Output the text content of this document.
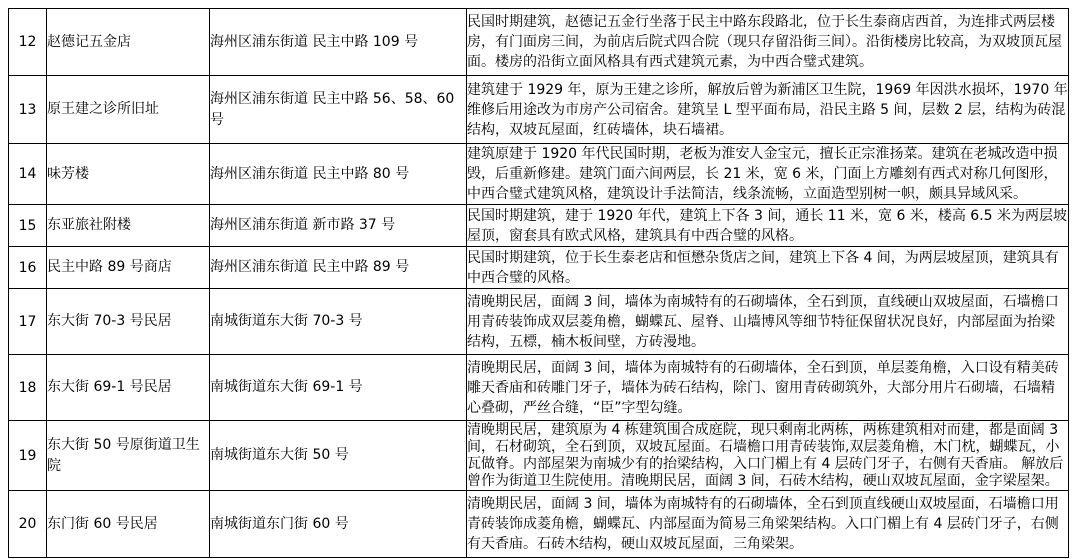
12	赵德记五金店	海州区浦东街道 民主中路 109 号	民国时期建筑，赵德记五金行坐落于民主中路东段路北，位于长生泰商店西首，为连排式两层楼房，有门面房三间，为前店后院式四合院（现只存留沿街三间）。沿街楼房比较高，为双坡顶瓦屋面。楼房的沿街立面风格具有西式建筑元素，为中西合璧式建筑。
13	原王建之诊所旧址	海州区浦东街道 民主中路 56、58、60 号	建筑建于 1929 年，原为王建之诊所，解放后曾为新浦区卫生院，1969 年因洪水损坏，1970 年维修后用途改为市房产公司宿舍。建筑呈 L 型平面布局，沿民主路 5 间，层数 2 层，结构为砖混结构，双坡瓦屋面，红砖墙体，块石墙裙。
14	味芳楼	海州区浦东街道 民主中路 80 号	建筑原建于 1920 年代民国时期，老板为淮安人金宝元，擅长正宗淮扬菜。建筑在老城改造中损毁，后重新修建。建筑门面六间两层，长 21 米，宽 6 米，门面上方雕刻有西式对称几何图形，中西合璧式建筑风格，建筑设计手法简洁，线条流畅，立面造型别树一帜，颇具异域风采。
15	东亚旅社附楼	海州区浦东街道 新市路 37 号	民国时期建筑，建于 1920 年代，建筑上下各 3 间，通长 11 米，宽 6 米，楼高 6.5 米为两层坡屋顶，窗套具有欧式风格，建筑具有中西合璧的风格。
16	民主中路 89 号商店	海州区浦东街道 民主中路 89 号	民国时期建筑，位于长生泰老店和恒懋杂货店之间，建筑上下各 4 间，为两层坡屋顶，建筑具有中西合璧的风格。
17	东大街 70-3 号民居	南城街道东大街 70-3 号	清晚期民居，面阔 3 间，墙体为南城特有的石砌墙体，全石到顶，直线硬山双坡屋面，石墙檐口用青砖装饰成双层菱角檐，蝴蝶瓦、屋脊、山墙博风等细节特征保留状况良好，内部屋面为抬梁结构，五標，楠木板间壁，方砖漫地。
18	东大街 69-1 号民居	南城街道东大街 69-1 号	清晚期民居，面阔 3 间，墙体为南城特有的石砌墙体，全石到顶，单层菱角檐，入口设有精美砖雕天香庙和砖雕门牙子，墙体为砖石结构，除门、窗用青砖砌筑外，大部分用片石砌墙，石墙精心叠砌，严丝合缝，“臣”字型勾缝。
19	东大街 50 号原街道卫生院	南城街道东大街 50 号	清晚期民居，建筑原为 4 栋建筑围合成庭院，现只剩南北两栋，两栋建筑相对而建，都是面阔 3 间，石材砌筑，全石到顶，双坡瓦屋面。石墙檐口用青砖装饰,双层菱角檐，木门枕，蝴蝶瓦，小瓦做脊。内部屋架为南城少有的抬梁结构，入口门楣上有 4 层砖门牙子，右侧有天香庙。 解放后曾作为街道卫生院使用。清晚期民居，面阔 3 间，石砖木结构，硬山双坡瓦屋面，金字梁屋架。
20	东门街 60 号民居	南城街道东门街 60 号	清晚期民居，面阔 3 间，墙体为南城特有的石砌墙体，全石到顶直线硬山双坡屋面，石墙檐口用青砖装饰成菱角檐，蝴蝶瓦、内部屋面为简易三角梁架结构。入口门楣上有 4 层砖门牙子，右侧有天香庙。石砖木结构，硬山双坡瓦屋面，三角梁架。
